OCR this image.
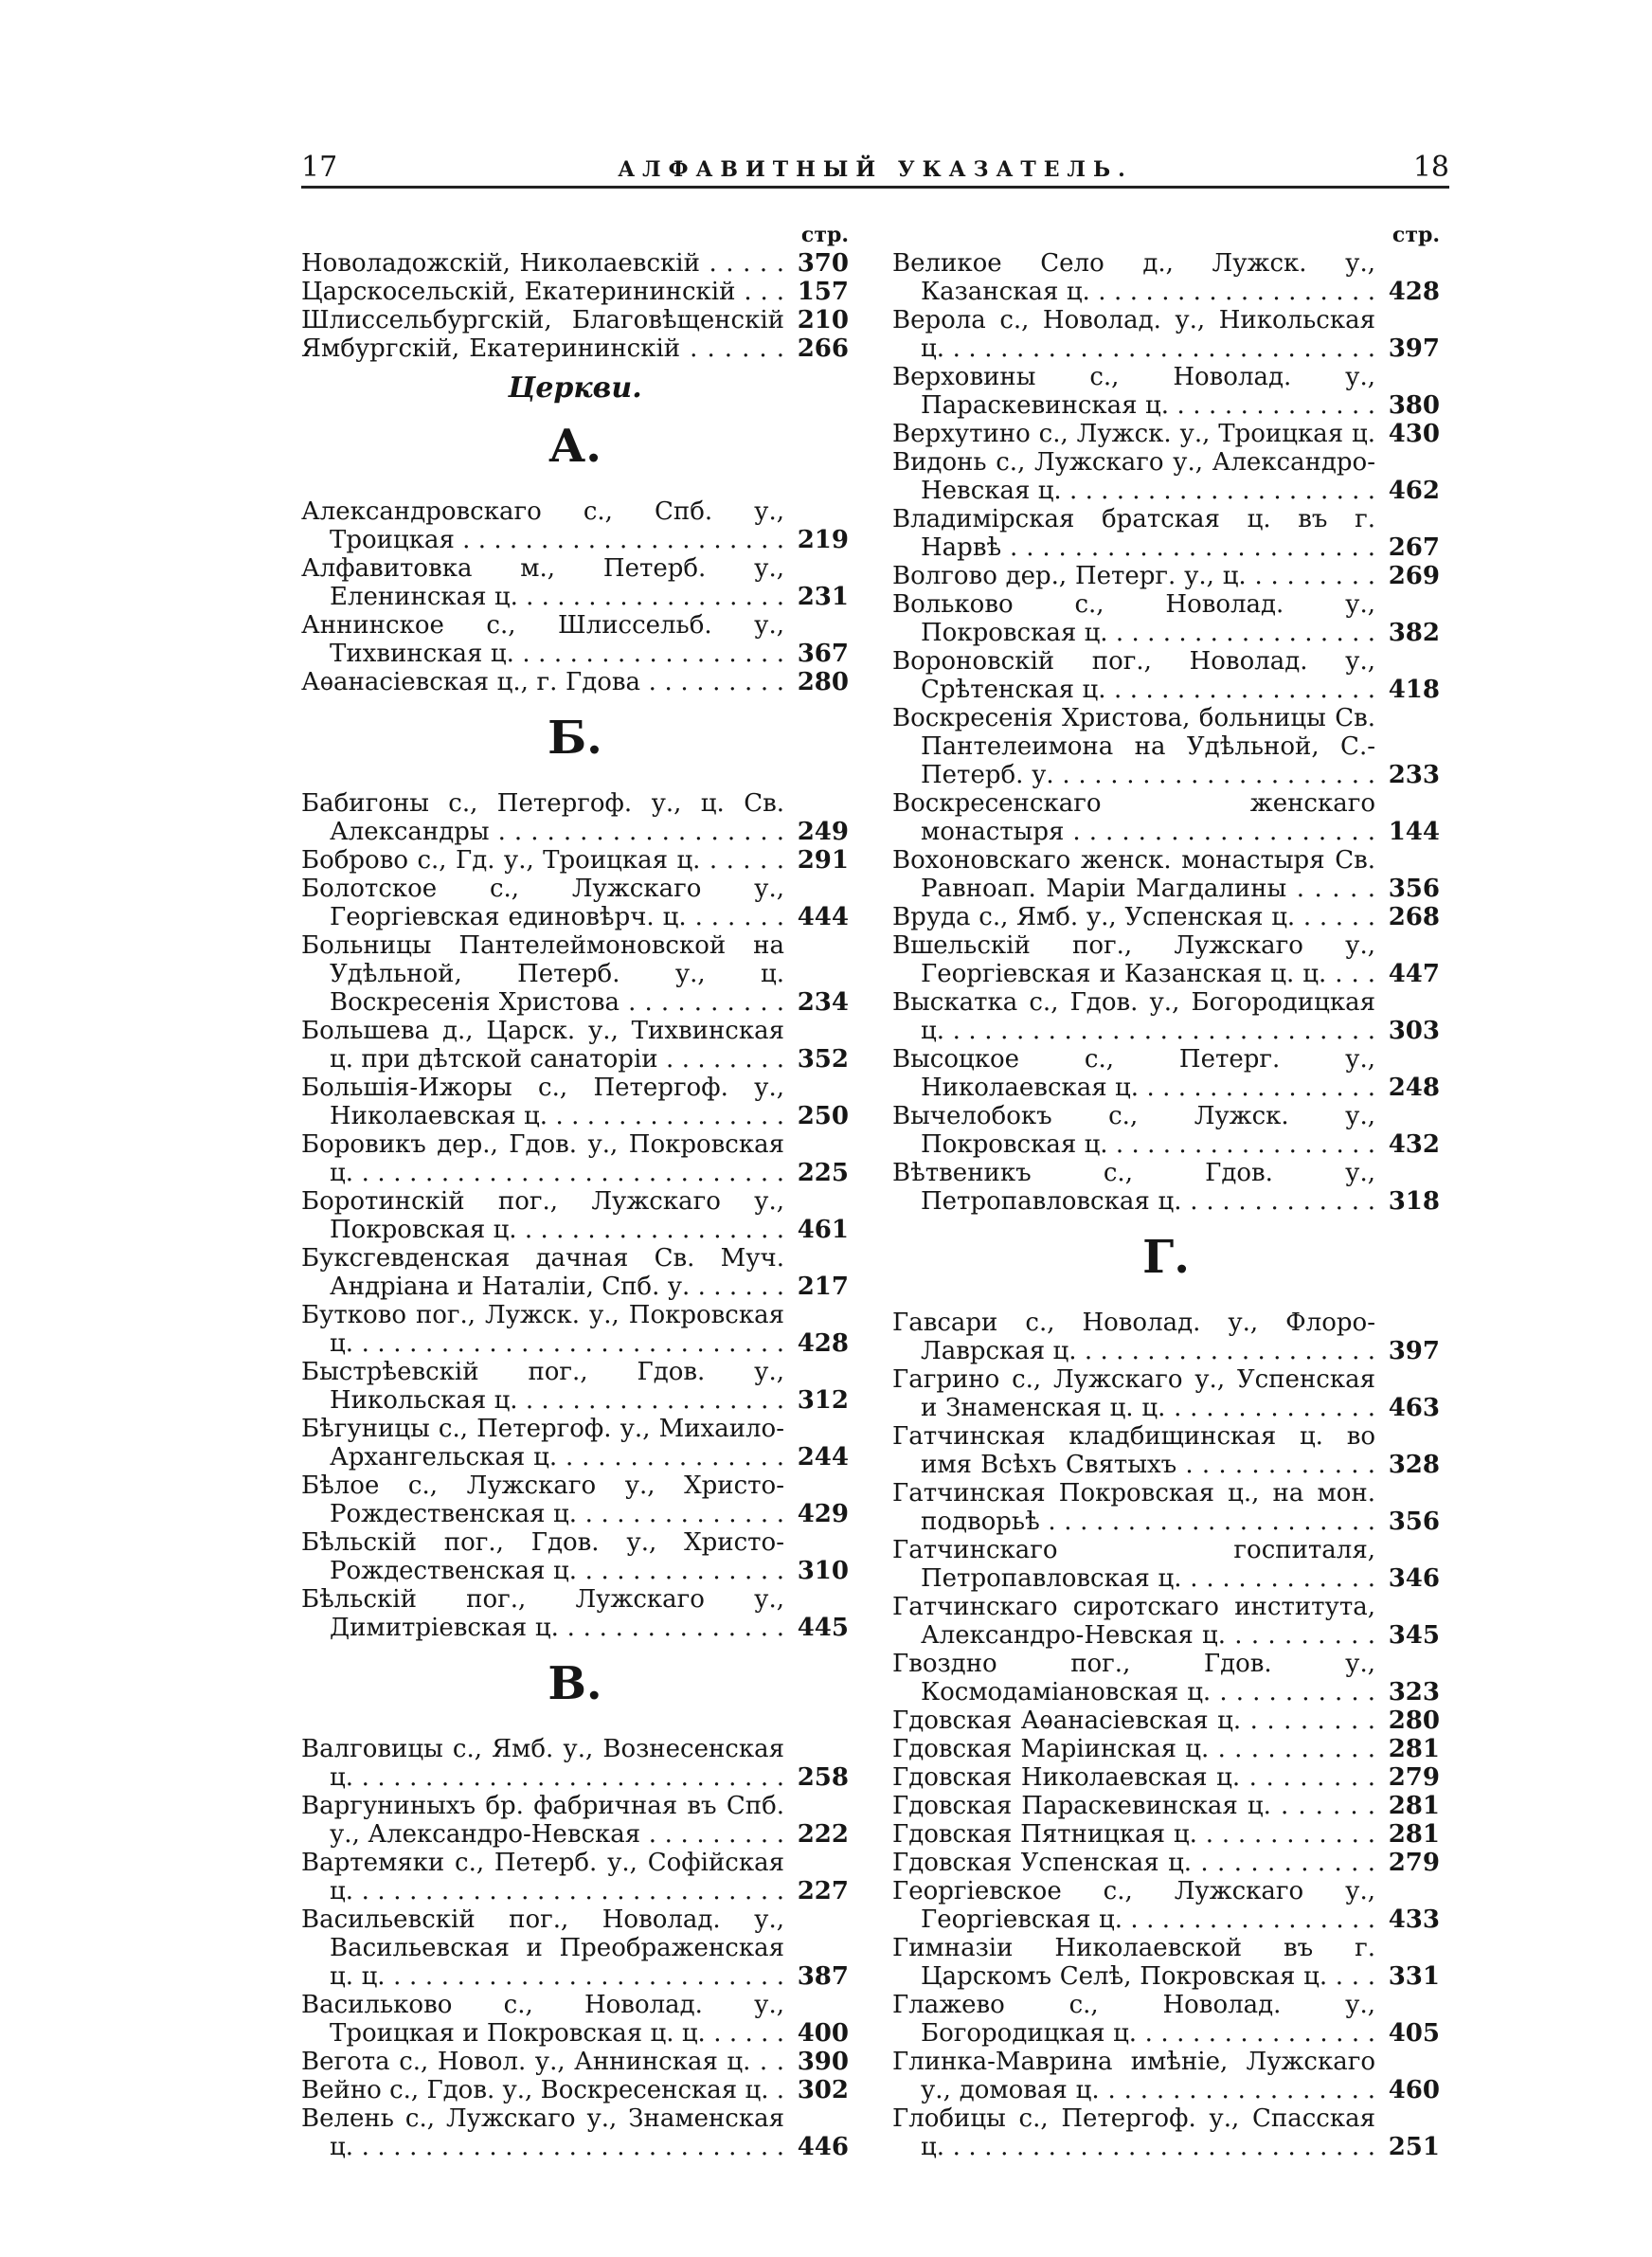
17	АЛФАВИТНЫЙ УКАЗАТЕЛЬ.	18
стр.
Новоладожскій, Николаевскій . . .	370
Царскосельскій, Екатерининскій . . .	157
Шлиссельбургскій, Благовѣщенскій 210
Ямбургскій, Екатерининскій . . .	266
Церкви.
А.
Александровскаго с., Спб. у., Троицкая . . .	219
Алфавитовка м., Петерб. у., Еленинская ц. . . .	231
Аннинское с., Шлиссельб. у., Тихвинская ц. . . .	367
Аѳанасіевская ц., г. Гдова . . .	280
Б.
Бабигоны с., Петергоф. у., ц. Св. Александры . . .	249
Боброво с., Гд. у., Троицкая ц. . . .	291
Болотское с., Лужскаго у., Георгіевская единовѣрч. ц. . . .	444
Больницы Пантелеймоновской на Удѣльной, Петерб. у., ц. Воскресенія Христова . . .	234
Большева д., Царск. у., Тихвинская ц. при дѣтской санаторіи . . .	352
Большія-Ижоры с., Петергоф. у., Николаевская ц. . . .	250
Боровикъ дер., Гдов. у., Покровская ц. . . .	225
Боротинскій пог., Лужскаго у., Покровская ц. . . .	461
Буксгевденская дачная Св. Муч. Андріана и Наталіи, Спб. у. . . .	217
Бутково пог., Лужск. у., Покровская ц. . . .	428
Быстрѣевскій пог., Гдов. у., Никольская ц. . . .	312
Бѣгуницы с., Петергоф. у., Михаило-Архангельская ц. . . .	244
Бѣлое с., Лужскаго у., Христо-Рождественская ц. . . .	429
Бѣльскій пог., Гдов. у., Христо-Рождественская ц. . . .	310
Бѣльскій пог., Лужскаго у., Димитріевская ц. . . .	445
В.
Валговицы с., Ямб. у., Вознесенская ц. . . .	258
Варгуниныхъ бр. фабричная въ Спб. у., Александро-Невская . . .	222
Вартемяки с., Петерб. у., Софійская ц. . . .	227
Васильевскій пог., Новолад. у., Васильевская и Преображенская ц. ц. . . .	387
Васильково с., Новолад. у., Троицкая и Покровская ц. ц. . . .	400
Вегота с., Новол. у., Аннинская ц. . . .	390
Вейно с., Гдов. у., Воскресенская ц. . . .	302
Велень с., Лужскаго у., Знаменская ц. . . .	446
стр.
Великое Село д., Лужск. у., Казанская ц. . . .	428
Верола с., Новолад. у., Никольская ц. . . .	397
Верховины с., Новолад. у., Параскевинская ц. . . .	380
Верхутино с., Лужск. у., Троицкая ц. 430
Видонь с., Лужскаго у., Александро-Невская ц. . . .	462
Владимірская братская ц. въ г. Нарвѣ . . .	267
Волгово дер., Петерг. у., ц. . . .	269
Вольково с., Новолад. у., Покровская ц. . . .	382
Вороновскій пог., Новолад. у., Срѣтенская ц. . . .	418
Воскресенія Христова, больницы Св. Пантелеимона на Удѣльной, С.-Петерб. у. . . .	233
Воскресенскаго женскаго монастыря . . .	144
Вохоновскаго женск. монастыря Св. Равноап. Маріи Магдалины . . .	356
Врудa с., Ямб. у., Успенская ц. . . .	268
Вшельскій пог., Лужскаго у., Георгіевская и Казанская ц. ц. . . .	447
Выскатка с., Гдов. у., Богородицкая ц. . . .	303
Высоцкое с., Петерг. у., Николаевская ц. . . .	248
Вычелобокъ с., Лужск. у., Покровская ц. . . .	432
Вѣтвеникъ с., Гдов. у., Петропавловская ц. . . .	318
Г.
Гавсари с., Новолад. у., Флоро-Лаврская ц. . . .	397
Гагрино с., Лужскаго у., Успенская и Знаменская ц. ц. . . .	463
Гатчинская кладбищинская ц. во имя Всѣхъ Святыхъ . . .	328
Гатчинская Покровская ц., на мон. подворьѣ . . .	356
Гатчинскаго госпиталя, Петропавловская ц. . . .	346
Гатчинскаго сиротскаго института, Александро-Невская ц. . . .	345
Гвоздно пог., Гдов. у., Космодаміановская ц. . . .	323
Гдовская Аѳанасіевская ц. . . .	280
Гдовская Маріинская ц. . . .	281
Гдовская Николаевская ц. . . .	279
Гдовская Параскевинская ц. . . .	281
Гдовская Пятницкая ц. . . .	281
Гдовская Успенская ц. . . .	279
Георгіевское с., Лужскаго у., Георгіевская ц. . . .	433
Гимназіи Николаевской въ г. Царскомъ Селѣ, Покровская ц. . . .	331
Глажево с., Новолад. у., Богородицкая ц. . . .	405
Глинка-Маврина имѣніе, Лужскаго у., домовая ц. . . .	460
Глобицы с., Петергоф. у., Спасская ц. . . .	251
